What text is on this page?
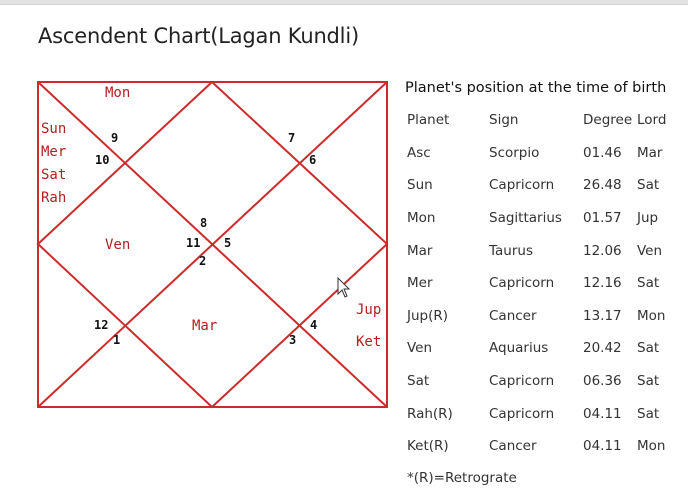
Ascendent Chart(Lagan Kundli)
9
10
7
6
8
11 5
2
12
1
4
3
Sun
Mer
Sat
Rah
Mon
Ven
Mar
Jup
Ket
Planet's position at the time of birth
Planet	Sign	Degree	Lord
Asc	Scorpio	01.46	Mar
Sun	Capricorn	26.48	Sat
Mon	Sagittarius	01.57	Jup
Mar	Taurus	12.06	Ven
Mer	Capricorn	12.16	Sat
Jup(R)	Cancer	13.17	Mon
Ven	Aquarius	20.42	Sat
Sat	Capricorn	06.36	Sat
Rah(R)	Capricorn	04.11	Sat
Ket(R)	Cancer	04.11	Mon
*(R)=Retrograte
